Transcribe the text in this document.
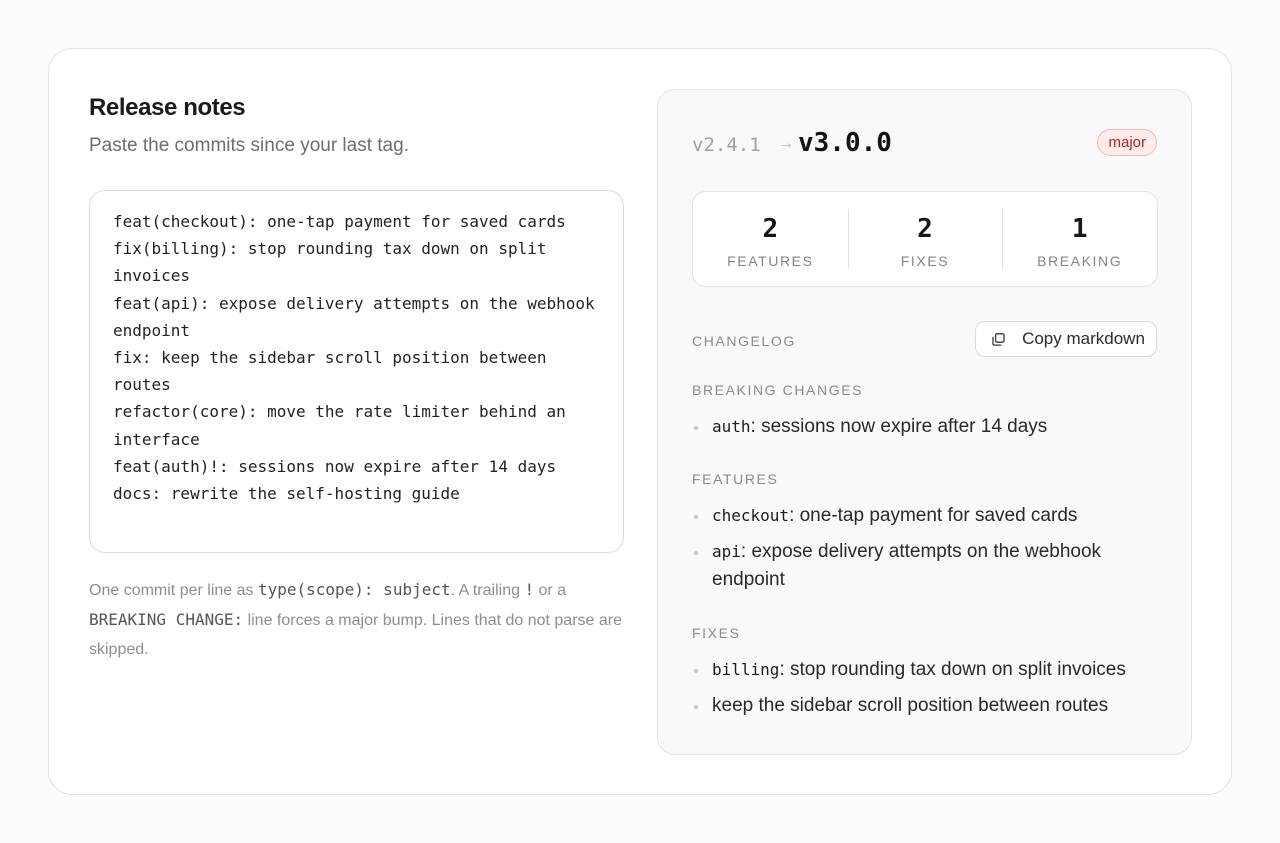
Release notes

Paste the commits since your last tag.

feat(checkout): one-tap payment for saved cards
fix(billing): stop rounding tax down on split invoices
feat(api): expose delivery attempts on the webhook endpoint
fix: keep the sidebar scroll position between routes
refactor(core): move the rate limiter behind an interface
feat(auth)!: sessions now expire after 14 days
docs: rewrite the self-hosting guide

One commit per line as type(scope): subject. A trailing ! or a BREAKING CHANGE: line forces a major bump. Lines that do not parse are skipped.

v2.4.1 → v3.0.0	major
2
FEATURES
2
FIXES
1
BREAKING
CHANGELOG	Copy markdown
BREAKING CHANGES
auth: sessions now expire after 14 days
FEATURES
checkout: one-tap payment for saved cards
api: expose delivery attempts on the webhook endpoint
FIXES
billing: stop rounding tax down on split invoices
keep the sidebar scroll position between routes
